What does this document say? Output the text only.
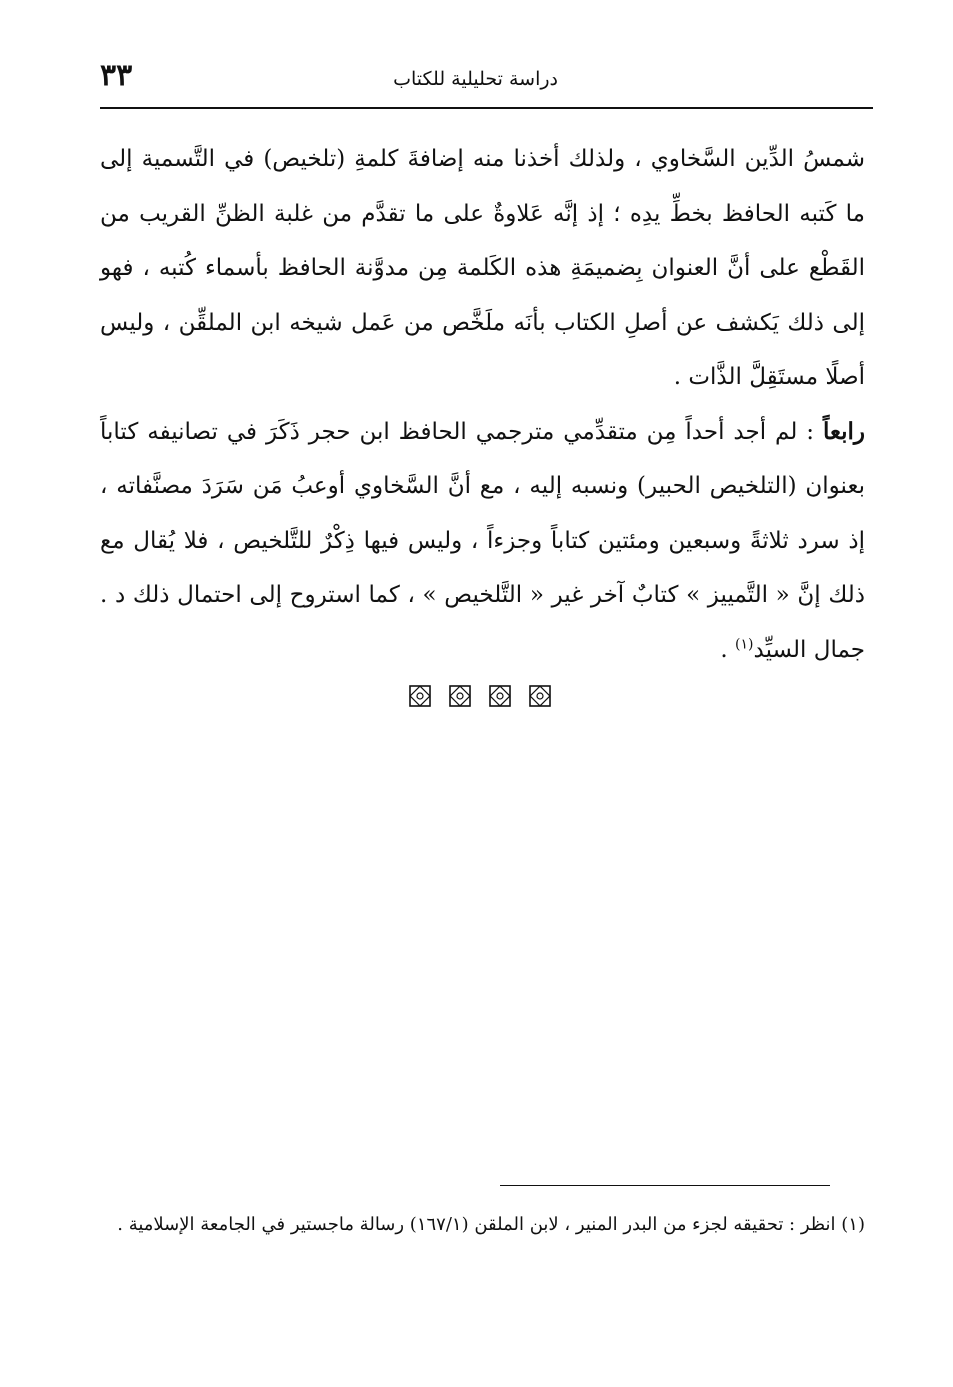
دراسة تحليلية للكتاب
٣٣

شمسُ الدِّين السَّخاوي ، ولذلك أخذنا منه إضافةَ كلمةِ (تلخيص) في التَّسمية إلى ما كَتبه الحافظ بخطِّ يدِه ؛ إذ إنَّه عَلاوةٌ على ما تقدَّم من غلبة الظنِّ القريب من القَطْع على أنَّ العنوان بِضميمَةِ هذه الكَلمة مِن مدوَّنة الحافظ بأسماء كُتبه ، فهو إلى ذلك يَكشف عن أصلِ الكتاب بأنَه ملَخَّص من عَمل شيخه ابن الملقِّن ، وليس أصلًا مستَقِلَّ الذَّات .

رابعاً : لم أجد أحداً مِن متقدِّمي مترجمي الحافظ ابن حجر ذَكَرَ في تصانيفه كتاباً بعنوان (التلخيص الحبير) ونسبه إليه ، مع أنَّ السَّخاوي أوعبُ مَن سَرَدَ مصنَّفاته ، إذ سرد ثلاثةً وسبعين ومئتين كتاباً وجزءاً ، وليس فيها ذِكْرٌ للتَّلخيص ، فلا يُقال مع ذلك إنَّ « التَّمييز » كتابٌ آخر غير « التَّلخيص » ، كما استروح إلى احتمال ذلك د . جمال السيِّد$^{(١)}$ .

(١) انظر : تحقيقه لجزء من البدر المنير ، لابن الملقن (١٦٧/١) رسالة ماجستير في الجامعة الإسلامية .
